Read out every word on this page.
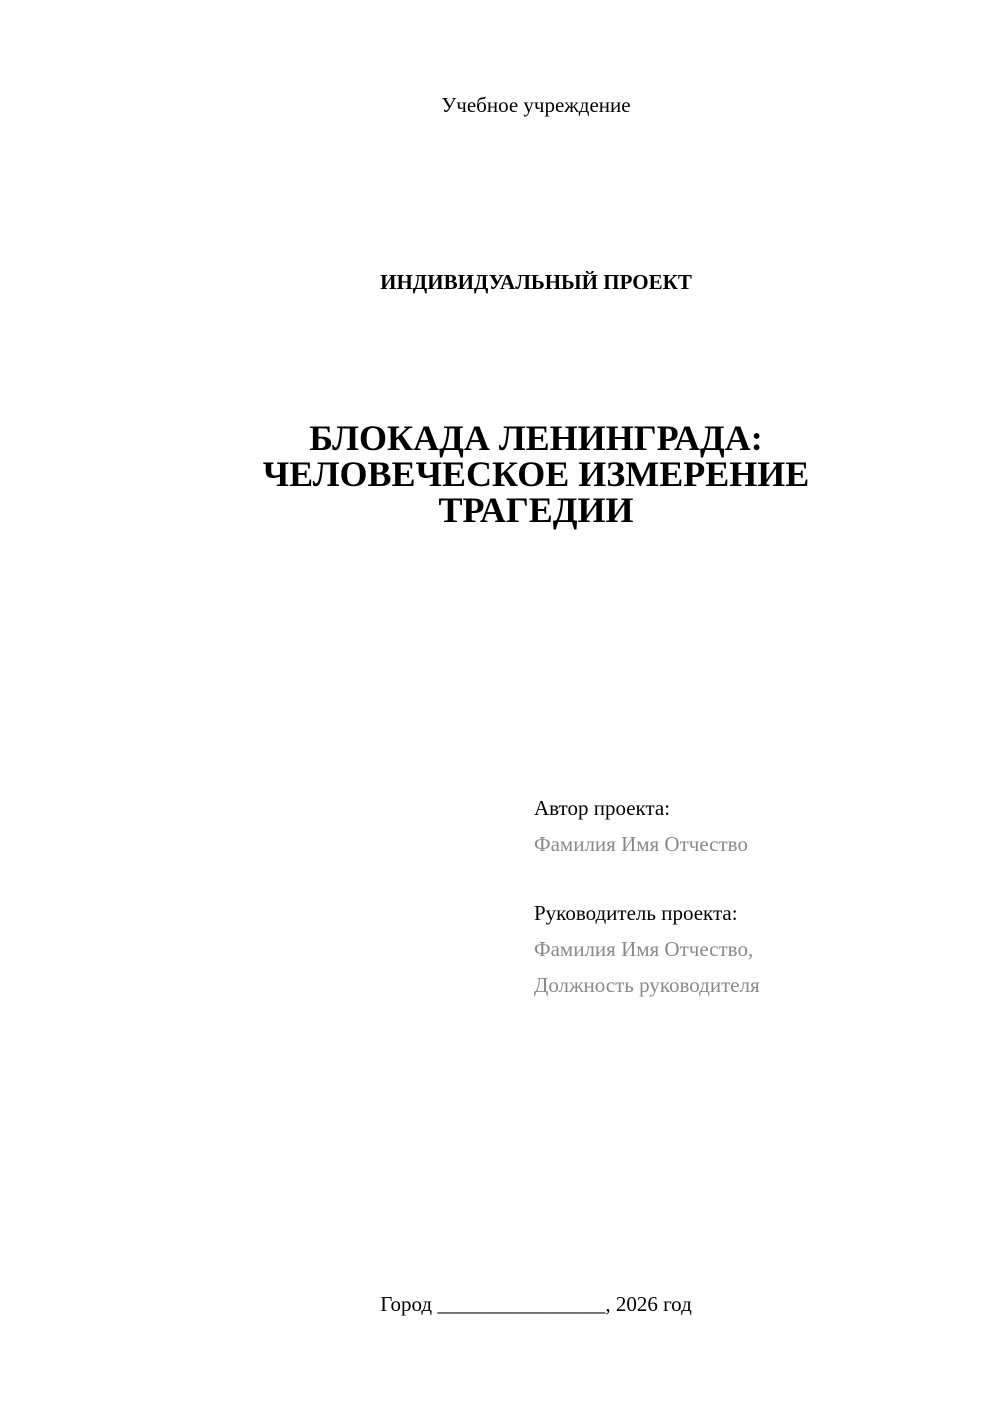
Учебное учреждение
ИНДИВИДУАЛЬНЫЙ ПРОЕКТ
БЛОКАДА ЛЕНИНГРАДА:
ЧЕЛОВЕЧЕСКОЕ ИЗМЕРЕНИЕ
ТРАГЕДИИ
Автор проекта:
Фамилия Имя Отчество
Руководитель проекта:
Фамилия Имя Отчество,
Должность руководителя
Город ________________, 2026 год
